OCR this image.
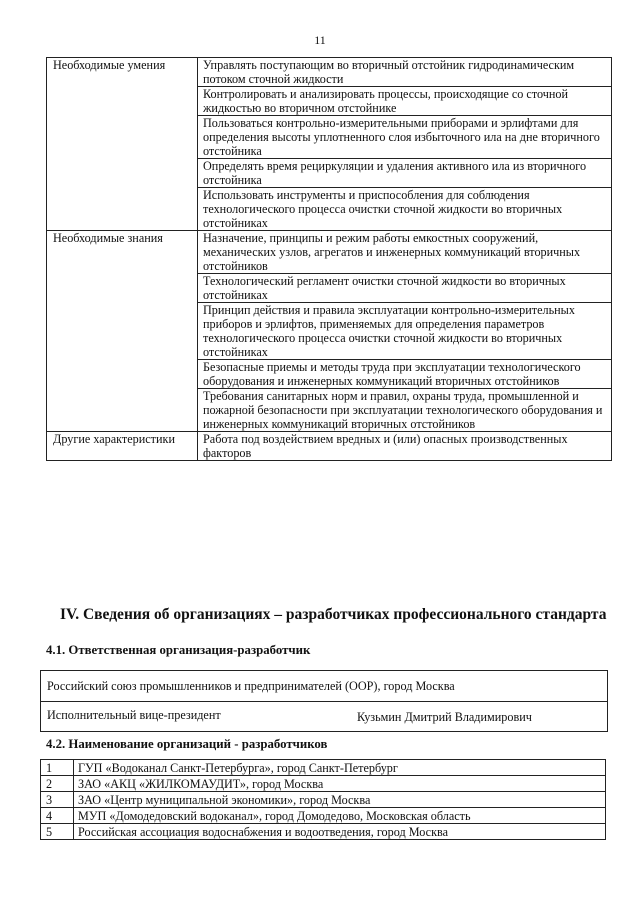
11
Необходимые умения	Управлять поступающим во вторичный отстойник гидродинамическим потоком сточной жидкости
	Контролировать и анализировать процессы, происходящие со сточной жидкостью во вторичном отстойнике
	Пользоваться контрольно-измерительными приборами и эрлифтами для определения высоты уплотненного слоя избыточного ила на дне вторичного отстойника
	Определять время рециркуляции и удаления активного ила из вторичного отстойника
	Использовать инструменты и приспособления для соблюдения технологического процесса очистки сточной жидкости во вторичных отстойниках
Необходимые знания	Назначение, принципы и режим работы емкостных сооружений, механических узлов, агрегатов и инженерных коммуникаций вторичных отстойников
	Технологический регламент очистки сточной жидкости во вторичных отстойниках
	Принцип действия и правила эксплуатации контрольно-измерительных приборов и эрлифтов, применяемых для определения параметров технологического процесса очистки сточной жидкости во вторичных отстойниках
	Безопасные приемы и методы труда при эксплуатации технологического оборудования и инженерных коммуникаций вторичных отстойников
	Требования санитарных норм и правил, охраны труда, промышленной и пожарной безопасности при эксплуатации технологического оборудования и инженерных коммуникаций вторичных отстойников
Другие характеристики	Работа под воздействием вредных и (или) опасных производственных факторов
IV. Сведения об организациях – разработчиках профессионального стандарта
4.1. Ответственная организация-разработчик
Российский союз промышленников и предпринимателей (ООР), город Москва
Исполнительный вице-президент	Кузьмин Дмитрий Владимирович
4.2. Наименование организаций - разработчиков
1	ГУП «Водоканал Санкт-Петербурга», город Санкт-Петербург
2	ЗАО «АКЦ «ЖИЛКОМАУДИТ», город Москва
3	ЗАО «Центр муниципальной экономики», город Москва
4	МУП «Домодедовский водоканал», город Домодедово, Московская область
5	Российская ассоциация водоснабжения и водоотведения, город Москва
